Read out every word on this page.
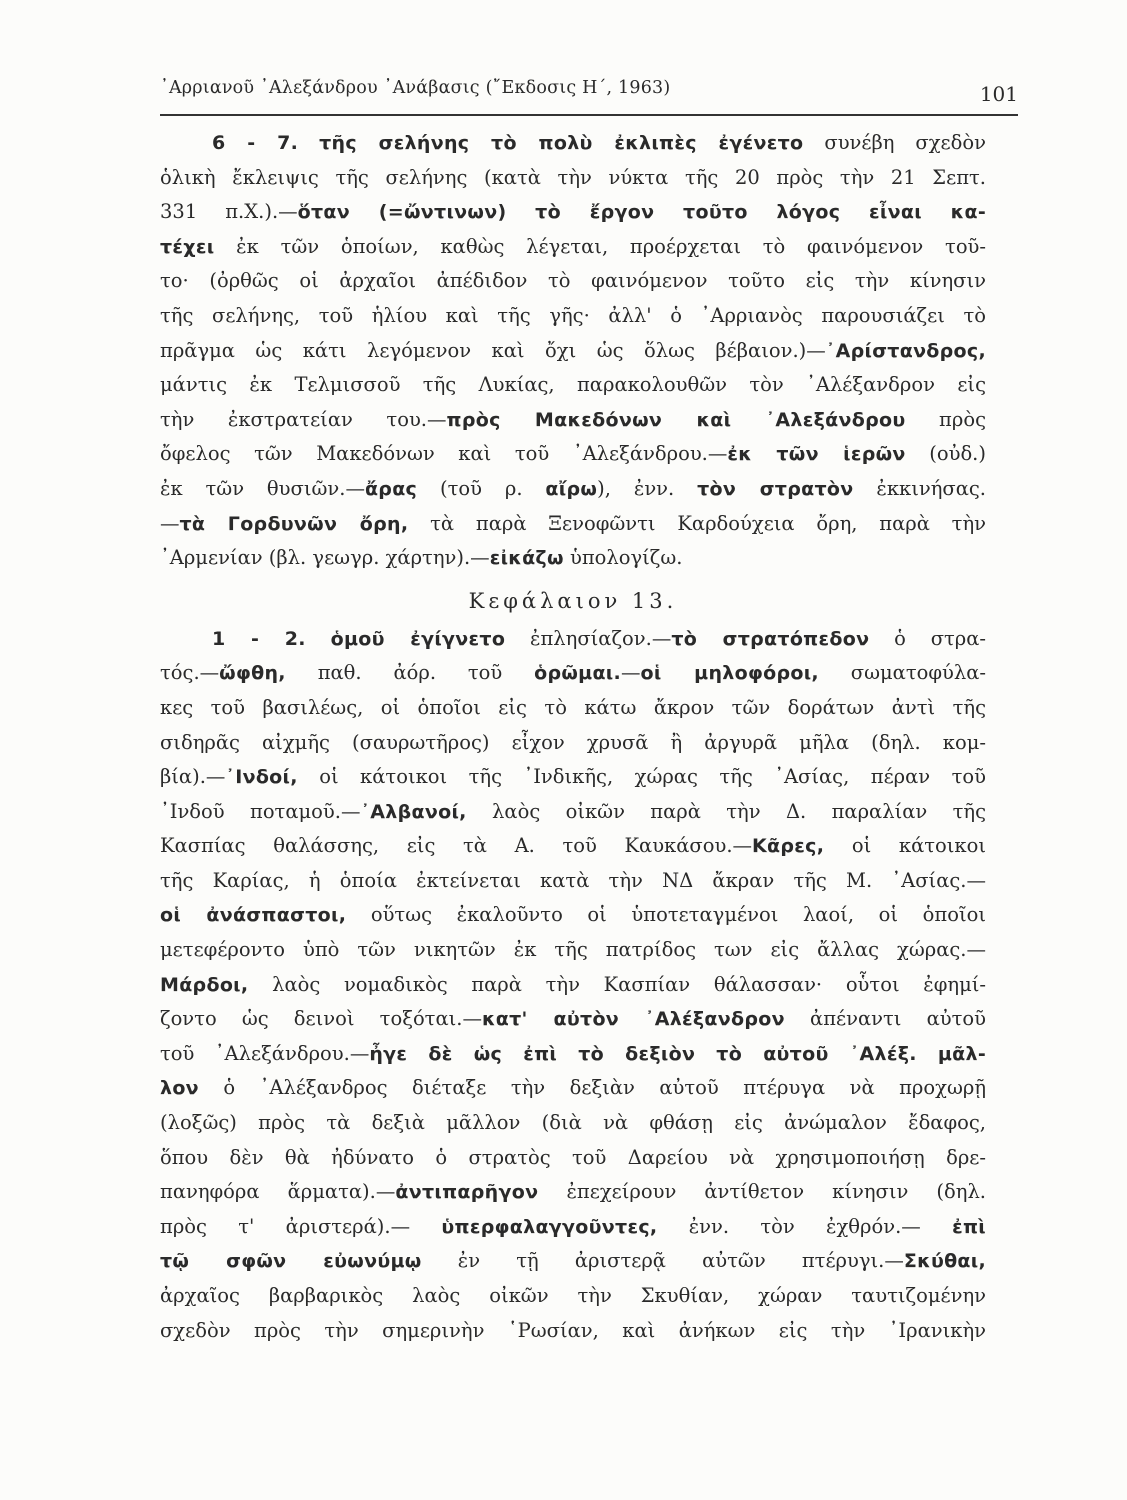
᾿Αρριανοῦ ᾿Αλεξάνδρου ᾿Ανάβασις (῎Εκδοσις Η΄, 1963)	101
6 - 7. τῆς σελήνης τὸ πολὺ ἐκλιπὲς ἐγένετο συνέβη σχεδὸν
ὁλικὴ ἔκλειψις τῆς σελήνης (κατὰ τὴν νύκτα τῆς 20 πρὸς τὴν 21 Σεπτ.
331 π.Χ.).—ὅταν (=ὤντινων) τὸ ἔργον τοῦτο λόγος εἶναι κα-
τέχει ἐκ τῶν ὁποίων, καθὼς λέγεται, προέρχεται τὸ φαινόμενον τοῦ-
το· (ὀρθῶς οἱ ἀρχαῖοι ἀπέδιδον τὸ φαινόμενον τοῦτο εἰς τὴν κίνησιν
τῆς σελήνης, τοῦ ἡλίου καὶ τῆς γῆς· ἀλλ' ὁ ᾿Αρριανὸς παρουσιάζει τὸ
πρᾶγμα ὡς κάτι λεγόμενον καὶ ὄχι ὡς ὅλως βέβαιον.)—᾿Αρίστανδρος,
μάντις ἐκ Τελμισσοῦ τῆς Λυκίας, παρακολουθῶν τὸν ᾿Αλέξανδρον εἰς
τὴν ἐκστρατείαν του.—πρὸς Μακεδόνων καὶ ᾿Αλεξάνδρου πρὸς
ὄφελος τῶν Μακεδόνων καὶ τοῦ ᾿Αλεξάνδρου.—ἐκ τῶν ἱερῶν (οὐδ.)
ἐκ τῶν θυσιῶν.—ἄρας (τοῦ ρ. αἴρω), ἐνν. τὸν στρατὸν ἐκκινήσας.
—τὰ Γορδυνῶν ὄρη, τὰ παρὰ Ξενοφῶντι Καρδούχεια ὄρη, παρὰ τὴν
᾿Αρμενίαν (βλ. γεωγρ. χάρτην).—εἰκάζω ὑπολογίζω.
Κεφάλαιον 13.
1 - 2. ὁμοῦ ἐγίγνετο ἐπλησίαζον.—τὸ στρατόπεδον ὁ στρα-
τός.—ὤφθη, παθ. ἀόρ. τοῦ ὁρῶμαι.—οἱ μηλοφόροι, σωματοφύλα-
κες τοῦ βασιλέως, οἱ ὁποῖοι εἰς τὸ κάτω ἄκρον τῶν δοράτων ἀντὶ τῆς
σιδηρᾶς αἰχμῆς (σαυρωτῆρος) εἶχον χρυσᾶ ἢ ἀργυρᾶ μῆλα (δηλ. κομ-
βία).—᾿Ινδοί, οἱ κάτοικοι τῆς ᾿Ινδικῆς, χώρας τῆς ᾿Ασίας, πέραν τοῦ
᾿Ινδοῦ ποταμοῦ.—᾿Αλβανοί, λαὸς οἰκῶν παρὰ τὴν Δ. παραλίαν τῆς
Κασπίας θαλάσσης, εἰς τὰ Α. τοῦ Καυκάσου.—Κᾶρες, οἱ κάτοικοι
τῆς Καρίας, ἡ ὁποία ἐκτείνεται κατὰ τὴν ΝΔ ἄκραν τῆς Μ. ᾿Ασίας.—
οἱ ἀνάσπαστοι, οὕτως ἐκαλοῦντο οἱ ὑποτεταγμένοι λαοί, οἱ ὁποῖοι
μετεφέροντο ὑπὸ τῶν νικητῶν ἐκ τῆς πατρίδος των εἰς ἄλλας χώρας.—
Μάρδοι, λαὸς νομαδικὸς παρὰ τὴν Κασπίαν θάλασσαν· οὗτοι ἐφημί-
ζοντο ὡς δεινοὶ τοξόται.—κατ' αὐτὸν ᾿Αλέξανδρον ἀπέναντι αὐτοῦ
τοῦ ᾿Αλεξάνδρου.—ἦγε δὲ ὡς ἐπὶ τὸ δεξιὸν τὸ αὐτοῦ ᾿Αλέξ. μᾶλ-
λον ὁ ᾿Αλέξανδρος διέταξε τὴν δεξιὰν αὐτοῦ πτέρυγα νὰ προχωρῇ
(λοξῶς) πρὸς τὰ δεξιὰ μᾶλλον (διὰ νὰ φθάσῃ εἰς ἀνώμαλον ἔδαφος,
ὅπου δὲν θὰ ἠδύνατο ὁ στρατὸς τοῦ Δαρείου νὰ χρησιμοποιήσῃ δρε-
πανηφόρα ἅρματα).—ἀντιπαρῆγον ἐπεχείρουν ἀντίθετον κίνησιν (δηλ.
πρὸς τ' ἀριστερά).— ὑπερφαλαγγοῦντες, ἐνν. τὸν ἐχθρόν.— ἐπὶ
τῷ σφῶν εὐωνύμῳ ἐν τῇ ἀριστερᾷ αὐτῶν πτέρυγι.—Σκύθαι,
ἀρχαῖος βαρβαρικὸς λαὸς οἰκῶν τὴν Σκυθίαν, χώραν ταυτιζομένην
σχεδὸν πρὸς τὴν σημερινὴν ῾Ρωσίαν, καὶ ἀνήκων εἰς τὴν ᾿Ιρανικὴν
